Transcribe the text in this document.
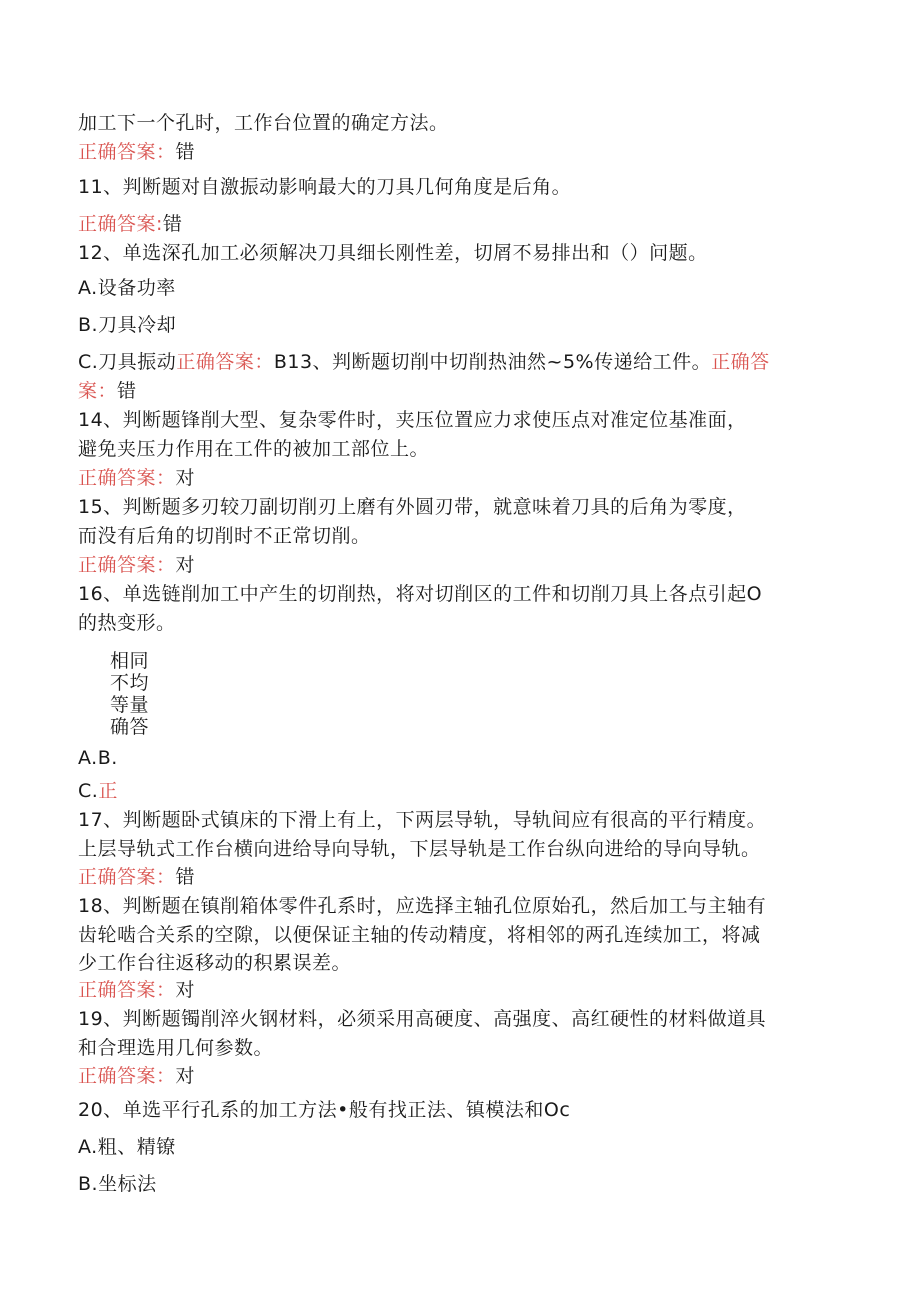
加工下一个孔时，工作台位置的确定方法。
正确答案：错
11、判断题对自激振动影响最大的刀具几何角度是后角。
正确答案:错
12、单选深孔加工必须解决刀具细长刚性差，切屑不易排出和（）问题。
A.设备功率
B.刀具冷却
C.刀具振动正确答案：B13、判断题切削中切削热油然~5%传递给工件。正确答
案：错
14、判断题锋削大型、复杂零件时，夹压位置应力求使压点对准定位基准面，
避免夹压力作用在工件的被加工部位上。
正确答案：对
15、判断题多刃较刀副切削刃上磨有外圆刃带，就意味着刀具的后角为零度，
而没有后角的切削时不正常切削。
正确答案：对
16、单选链削加工中产生的切削热，将对切削区的工件和切削刀具上各点引起O
的热变形。
相同
不均
等量
确答
A.B.
C.正
17、判断题卧式镇床的下滑上有上，下两层导轨，导轨间应有很高的平行精度。
上层导轨式工作台横向进给导向导轨，下层导轨是工作台纵向进给的导向导轨。
正确答案：错
18、判断题在镇削箱体零件孔系时，应选择主轴孔位原始孔，然后加工与主轴有
齿轮啮合关系的空隙，以便保证主轴的传动精度，将相邻的两孔连续加工，将减
少工作台往返移动的积累误差。
正确答案：对
19、判断题镯削淬火钢材料，必须采用高硬度、高强度、高红硬性的材料做道具
和合理选用几何参数。
正确答案：对
20、单选平行孔系的加工方法•般有找正法、镇模法和Oc
A.粗、精镣
B.坐标法
